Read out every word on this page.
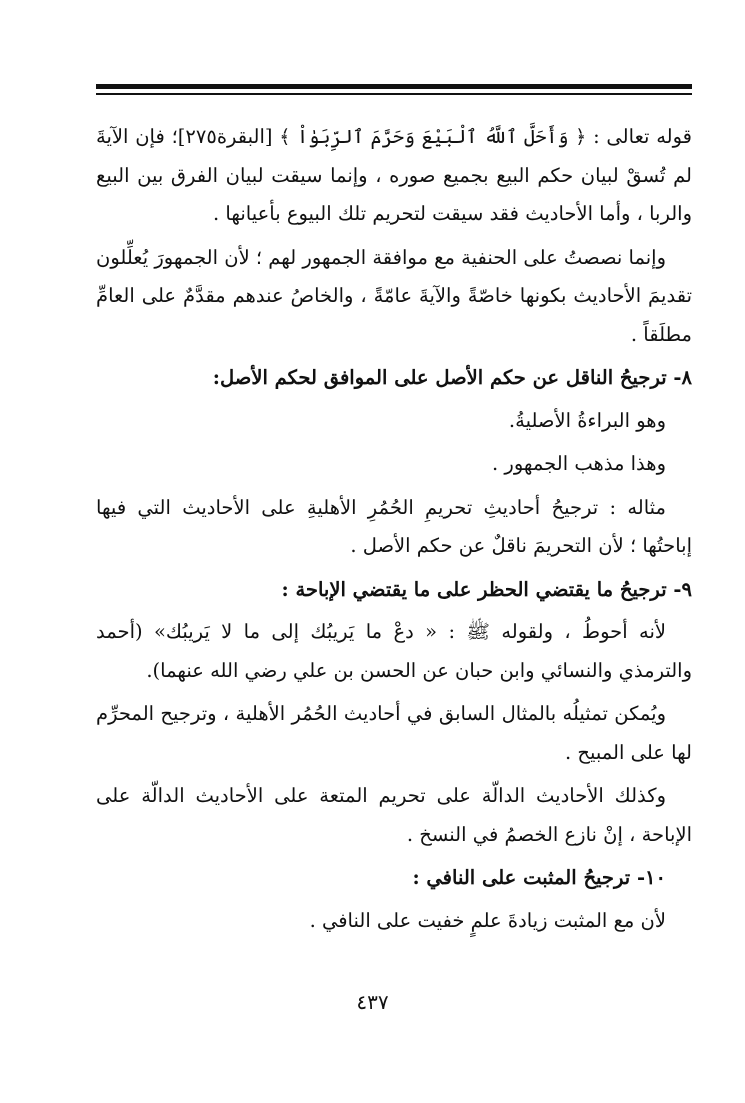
قوله تعالى : ﴿ وَأَحَلَّ ٱللَّهُ ٱلْبَيْعَ وَحَرَّمَ ٱلرِّبَوٰاْ ﴾ [البقرة٢٧٥]؛ فإن الآيةَ لم تُسقْ لبيان حكم البيع بجميع صوره ، وإنما سيقت لبيان الفرق بين البيع والربا ، وأما الأحاديث فقد سيقت لتحريم تلك البيوع بأعيانها .

وإنما نصصتُ على الحنفية مع موافقة الجمهور لهم ؛ لأن الجمهورَ يُعلِّلون تقديمَ الأحاديث بكونها خاصّةً والآيةَ عامّةً ، والخاصُ عندهم مقدَّمٌ على العامِّ مطلَقاً .

٨- ترجيحُ الناقل عن حكم الأصل على الموافق لحكم الأصل:

وهو البراءةُ الأصليةُ.

وهذا مذهب الجمهور .

مثاله : ترجيحُ أحاديثِ تحريمِ الحُمُرِ الأهليةِ على الأحاديث التي فيها إباحتُها ؛ لأن التحريمَ ناقلٌ عن حكم الأصل .

٩- ترجيحُ ما يقتضي الحظر على ما يقتضي الإباحة :

لأنه أحوطُ ، ولقوله ﷺ : « دعْ ما يَريبُك إلى ما لا يَريبُك» (أحمد والترمذي والنسائي وابن حبان عن الحسن بن علي رضي الله عنهما).

ويُمكن تمثيلُه بالمثال السابق في أحاديث الحُمُر الأهلية ، وترجيح المحرِّم لها على المبيح .

وكذلك الأحاديث الدالّة على تحريم المتعة على الأحاديث الدالّة على الإباحة ، إنْ نازع الخصمُ في النسخ .

١٠- ترجيحُ المثبت على النافي :

لأن مع المثبت زيادةَ علمٍ خفيت على النافي .

٤٣٧
